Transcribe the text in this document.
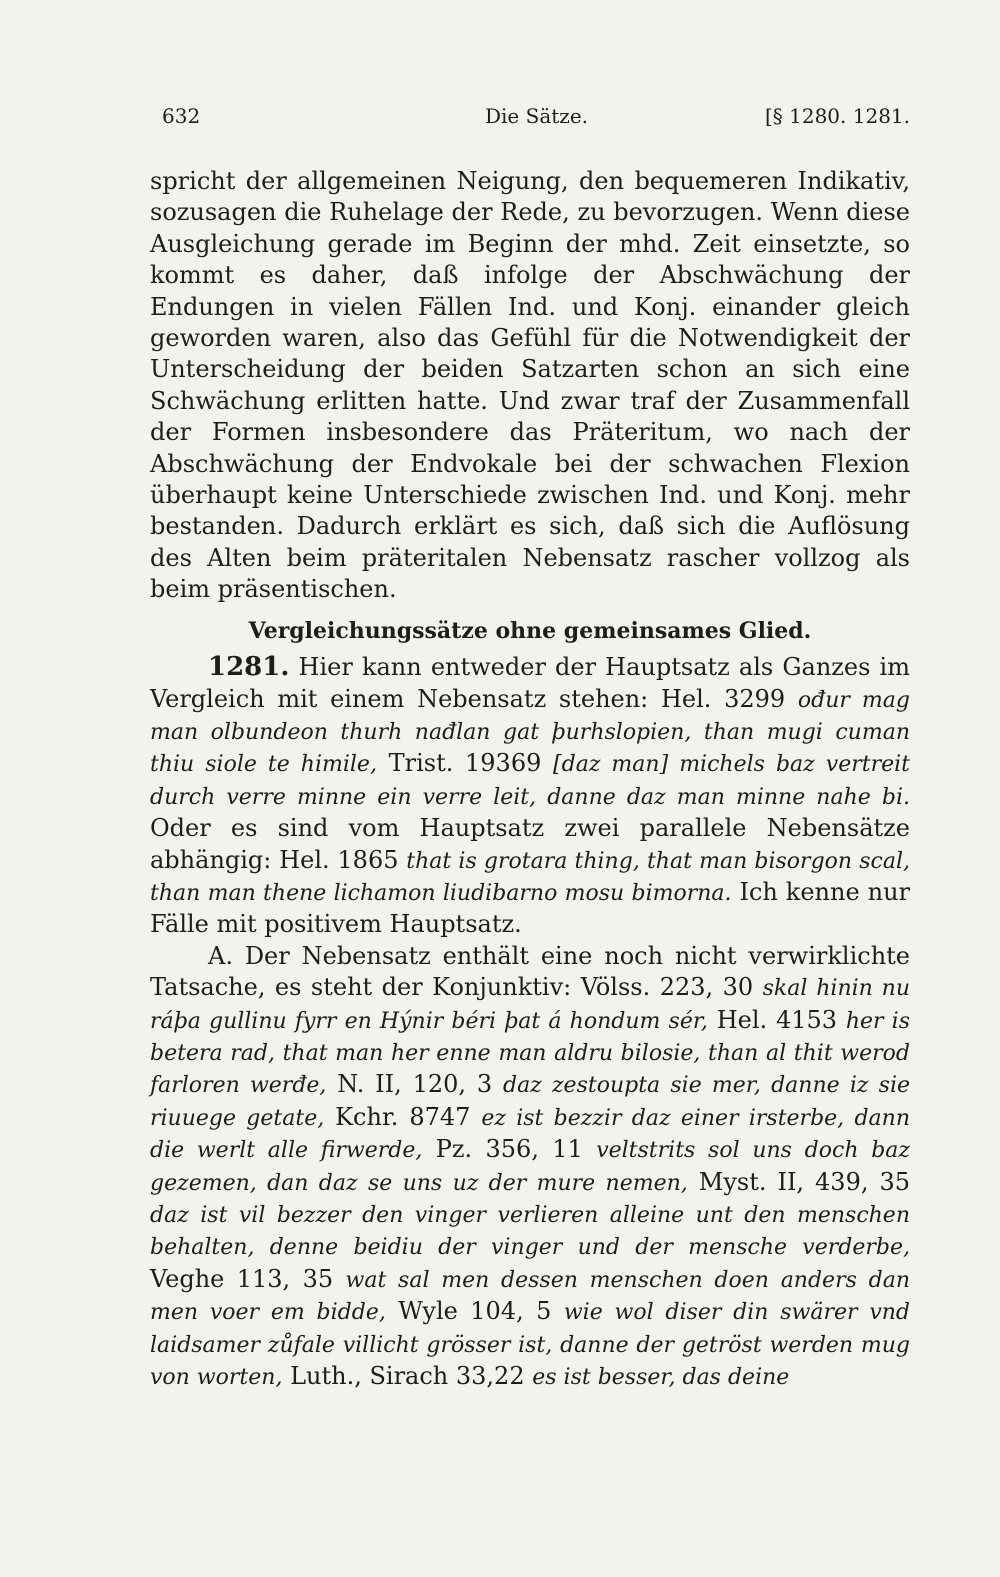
632	Die Sätze.	[§ 1280. 1281.

spricht der allgemeinen Neigung, den bequemeren Indikativ, sozusagen die Ruhelage der Rede, zu bevorzugen. Wenn diese Ausgleichung gerade im Beginn der mhd. Zeit einsetzte, so kommt es daher, daß infolge der Abschwächung der Endungen in vielen Fällen Ind. und Konj. einander gleich geworden waren, also das Gefühl für die Notwendigkeit der Unterscheidung der beiden Satzarten schon an sich eine Schwächung erlitten hatte. Und zwar traf der Zusammenfall der Formen insbesondere das Präteritum, wo nach der Abschwächung der Endvokale bei der schwachen Flexion überhaupt keine Unterschiede zwischen Ind. und Konj. mehr bestanden. Dadurch erklärt es sich, daß sich die Auflösung des Alten beim präteritalen Nebensatz rascher vollzog als beim präsentischen.

Vergleichungssätze ohne gemeinsames Glied.

1281. Hier kann entweder der Hauptsatz als Ganzes im Vergleich mit einem Nebensatz stehen: Hel. 3299 ođur mag man olbundeon thurh nađlan gat þurhslopien, than mugi cuman thiu siole te himile, Trist. 19369 [daz man] michels baz vertreit durch verre minne ein verre leit, danne daz man minne nahe bi. Oder es sind vom Hauptsatz zwei parallele Nebensätze abhängig: Hel. 1865 that is grotara thing, that man bisorgon scal, than man thene lichamon liudibarno mosu bimorna. Ich kenne nur Fälle mit positivem Hauptsatz.

A. Der Nebensatz enthält eine noch nicht verwirklichte Tatsache, es steht der Konjunktiv: Völss. 223, 30 skal hinin nu ráþa gullinu fyrr en Hýnir béri þat á hondum sér, Hel. 4153 her is betera rad, that man her enne man aldru bilosie, than al thit werod farloren werđe, N. II, 120, 3 daz zestoupta sie mer, danne iz sie riuuege getate, Kchr. 8747 ez ist bezzir daz einer irsterbe, dann die werlt alle firwerde, Pz. 356, 11 veltstrits sol uns doch baz gezemen, dan daz se uns uz der mure nemen, Myst. II, 439, 35 daz ist vil bezzer den vinger verlieren alleine unt den menschen behalten, denne beidiu der vinger und der mensche verderbe, Veghe 113, 35 wat sal men dessen menschen doen anders dan men voer em bidde, Wyle 104, 5 wie wol diser din swärer vnd laidsamer zůfale villicht grösser ist, danne der getröst werden mug von worten, Luth., Sirach 33,22 es ist besser, das deine
